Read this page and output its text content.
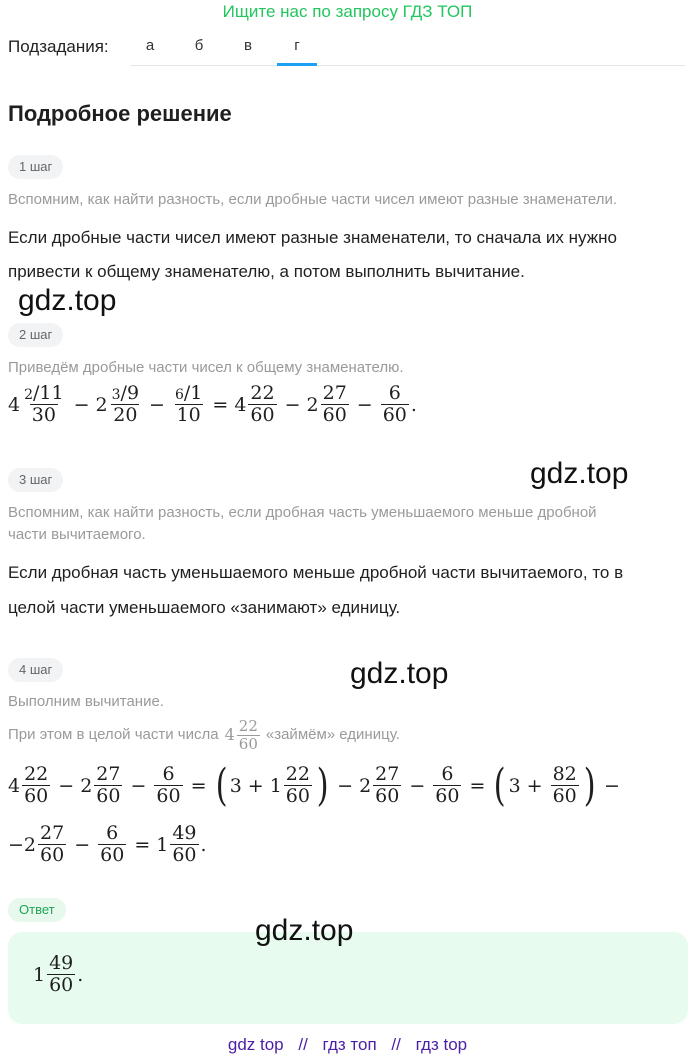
Ищите нас по запросу ГДЗ ТОП
Подзадания:	а	б	в	г
Подробное решение
1 шаг
Вспомним, как найти разность, если дробные части чисел имеют разные знаменатели.
Если дробные части чисел имеют разные знаменатели, то сначала их нужно
привести к общему знаменателю, а потом выполнить вычитание.
gdz.top
2 шаг
Приведём дробные части чисел к общему знаменателю.
$4 \frac{2/11}{30} - 2 \frac{3/9}{20} - \frac{6/1}{10} = 4 \frac{22}{60} - 2 \frac{27}{60} - \frac{6}{60}$ .
gdz.top
3 шаг
Вспомним, как найти разность, если дробная часть уменьшаемого меньше дробной
части вычитаемого.
Если дробная часть уменьшаемого меньше дробной части вычитаемого, то в
целой части уменьшаемого «занимают» единицу.
gdz.top
4 шаг
Выполним вычитание.
При этом в целой части числа $4 \frac{22}{60}$ «займём» единицу.
$4 \frac{22}{60} - 2 \frac{27}{60} - \frac{6}{60}$ = ( $3 + 1 \frac{22}{60}$ ) − $2 \frac{27}{60} - \frac{6}{60}$ = ( $3 + \frac{82}{60}$ ) −
− $2 \frac{27}{60} - \frac{6}{60} = 1 \frac{49}{60}$ .
Ответ
$1 \frac{49}{60}$ .
gdz.top
gdz top // гдз топ // гдз top
